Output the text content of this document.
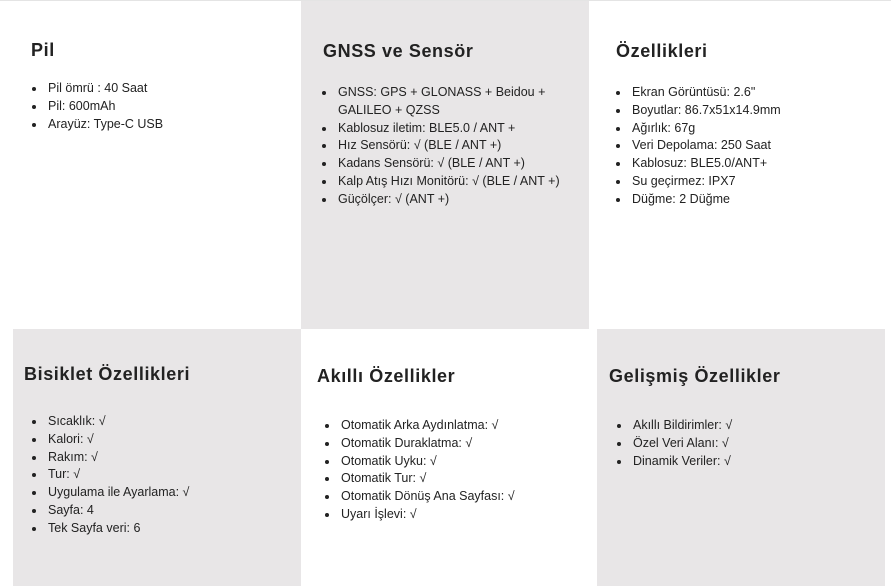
Pil
• Pil ömrü : 40 Saat
• Pil: 600mAh
• Arayüz: Type-C USB
GNSS ve Sensör
• GNSS: GPS + GLONASS + Beidou + GALILEO + QZSS
• Kablosuz iletim: BLE5.0 / ANT +
• Hız Sensörü: √ (BLE / ANT +)
• Kadans Sensörü: √ (BLE / ANT +)
• Kalp Atış Hızı Monitörü: √ (BLE / ANT +)
• Güçölçer: √ (ANT +)
Özellikleri
• Ekran Görüntüsü: 2.6"
• Boyutlar: 86.7x51x14.9mm
• Ağırlık: 67g
• Veri Depolama: 250 Saat
• Kablosuz: BLE5.0/ANT+
• Su geçirmez: IPX7
• Düğme: 2 Düğme
Bisiklet Özellikleri
• Sıcaklık: √
• Kalori: √
• Rakım: √
• Tur: √
• Uygulama ile Ayarlama: √
• Sayfa: 4
• Tek Sayfa veri: 6
Akıllı Özellikler
• Otomatik Arka Aydınlatma: √
• Otomatik Duraklatma: √
• Otomatik Uyku: √
• Otomatik Tur: √
• Otomatik Dönüş Ana Sayfası: √
• Uyarı İşlevi: √
Gelişmiş Özellikler
• Akıllı Bildirimler: √
• Özel Veri Alanı: √
• Dinamik Veriler: √
